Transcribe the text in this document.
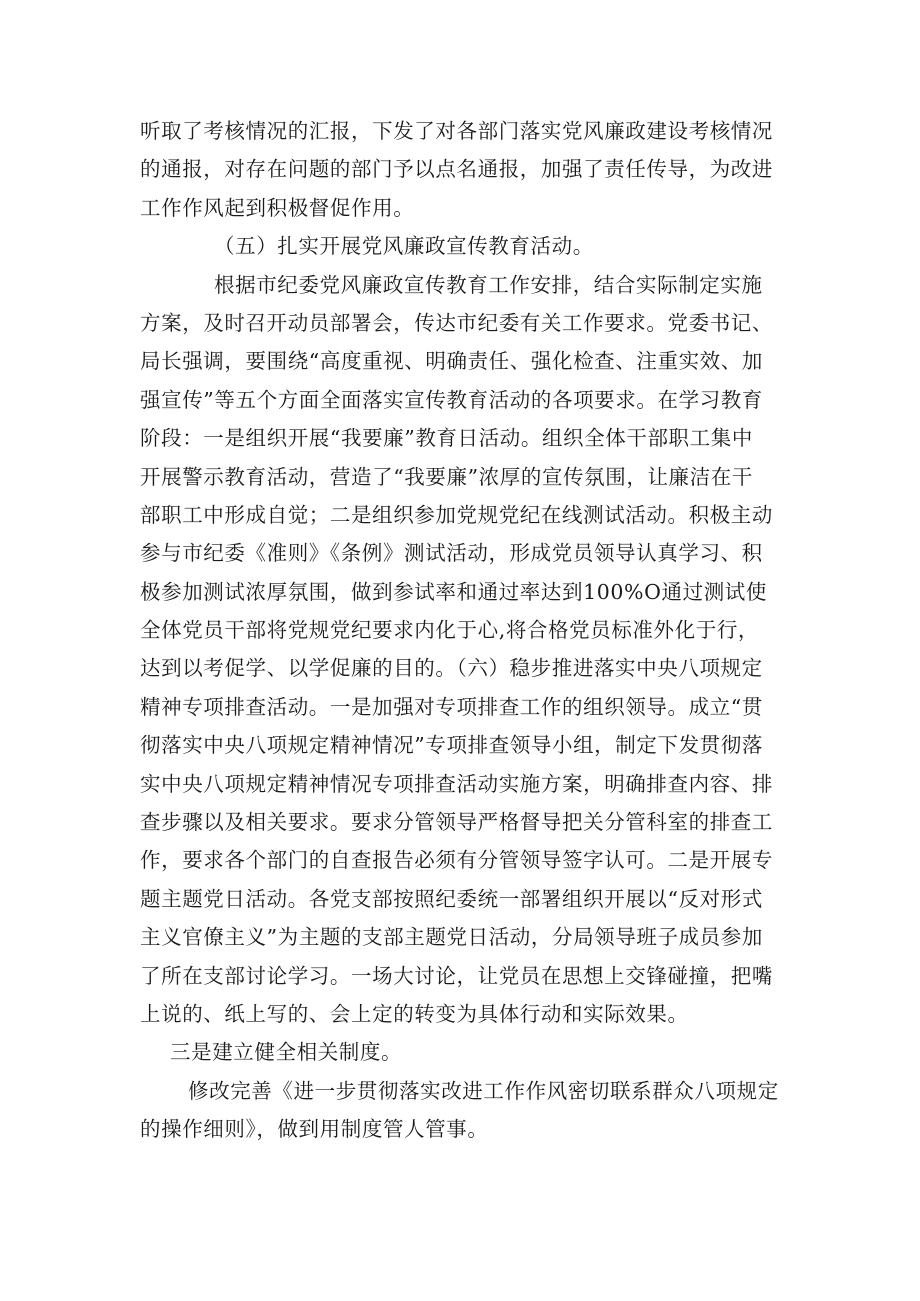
听取了考核情况的汇报，下发了对各部门落实党风廉政建设考核情况
的通报，对存在问题的部门予以点名通报，加强了责任传导，为改进
工作作风起到积极督促作用。
（五）扎实开展党风廉政宣传教育活动。
根据市纪委党风廉政宣传教育工作安排，结合实际制定实施
方案，及时召开动员部署会，传达市纪委有关工作要求。党委书记、
局长强调，要围绕“高度重视、明确责任、强化检查、注重实效、加
强宣传”等五个方面全面落实宣传教育活动的各项要求。在学习教育
阶段：一是组织开展“我要廉”教育日活动。组织全体干部职工集中
开展警示教育活动，营造了“我要廉”浓厚的宣传氛围，让廉洁在干
部职工中形成自觉；二是组织参加党规党纪在线测试活动。积极主动
参与市纪委《准则》《条例》测试活动，形成党员领导认真学习、积
极参加测试浓厚氛围，做到参试率和通过率达到100%O通过测试使
全体党员干部将党规党纪要求内化于心,将合格党员标准外化于行，
达到以考促学、以学促廉的目的。（六）稳步推进落实中央八项规定
精神专项排查活动。一是加强对专项排查工作的组织领导。成立“贯
彻落实中央八项规定精神情况”专项排查领导小组，制定下发贯彻落
实中央八项规定精神情况专项排查活动实施方案，明确排查内容、排
查步骤以及相关要求。要求分管领导严格督导把关分管科室的排查工
作，要求各个部门的自查报告必须有分管领导签字认可。二是开展专
题主题党日活动。各党支部按照纪委统一部署组织开展以“反对形式
主义官僚主义”为主题的支部主题党日活动，分局领导班子成员参加
了所在支部讨论学习。一场大讨论，让党员在思想上交锋碰撞，把嘴
上说的、纸上写的、会上定的转变为具体行动和实际效果。
三是建立健全相关制度。
修改完善《进一步贯彻落实改进工作作风密切联系群众八项规定
的操作细则》，做到用制度管人管事。
